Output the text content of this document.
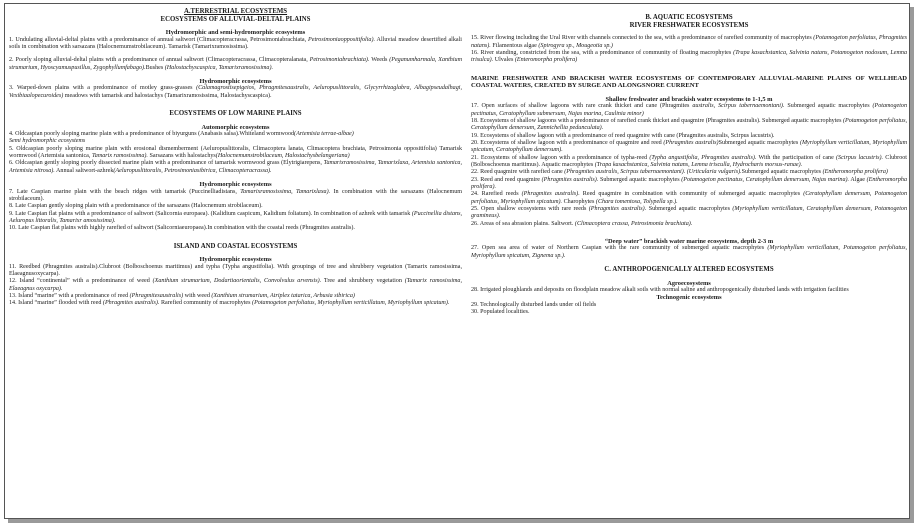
A.TERRESTRIAL ECOSYSTEMS
ECOSYSTEMS OF ALLUVIAL-DELTAL PLAINS
Hydromorphic and semi-hydromorphic ecosystems

1. Undulating alluvial-deltal plains with a predominance of annual saltwort (Climacopteracrassa, Petrosimoniabrachiata, Petrosimoniaoppositifolia). Alluvial meadow desertified alkali soils in combination with sarsazans (Halocnemumstrobilaceum). Tamarisk (Tamarixramosissima).

2. Poorly sloping alluvial-deltal plains with a predominance of annual saltwort (Climacopteracrassa, Climacopteralanata, Petrosimoniabrachiata). Weeds (Peganumharmala, Xanthium strumarium, Hyoscyamuspusillus, Zygophyllumfabago).Bushes (Halostachyscaspica, Tamarixramosissima).

Hydromorphic ecosystems

3. Warped-down plains with a predominance of motley grass-grasses (Calamagrostisepigeios, Phragmitesaustralis, Aeluropuslittoralis, Glycyrrhizaglabra, Albagipseudalhagi, Vexibiaalopecuroides) meadows with tamarisk and halostachys (Tamarixramosissima, Halostachyscaspica).

ECOSYSTEMS OF LOW MARINE PLAINS
Automorphic ecosystems

4. Oldcaspian poorly sloping marine plain with a predominance of biyurguns (Anabasis salsa).Whiteland wormwood(Artemisia terrae-albae)
Semi hydromorphic ecosystems

5. Oldcaspian poorly sloping marine plain with erosional dismemberment (Aeluropuslittoralis, Climacoptera lanata, Climacoptera brachiata, Petrosimonia oppositifolia) Tamarisk wormwood (Artemisia santonica, Tamarix ramosissima). Sarsazans with halostachys(Halocnemumstrobilaceum, Halostachysbelangeriana)

6. Oldcaspian gently sloping poorly dissected marine plain with a predominance of tamarisk wormwood grass (Elytrigiarepens, Tamarixramosissima, Tamarixlaxa, Artemisia santonica, Artemisia nitrosa). Annual saltwort-azhrek(Aeluropuslittoralis, Petrosimoniasibirica, Climacopteracrassa).

Hydromorphic ecosystems

7. Late Caspian marine plain with the beach ridges with tamarisk (Puccinelliadistans, Tamarixramosissima, Tamarixlaxa). In combination with the sarsazans (Halocnemum strobilaceum).

8. Late Caspian gently sloping plain with a predominance of the sarsazans (Halocnemum strobilaceum).

9. Late Caspian flat plains with a predominance of saltwort (Salicornia europaea). (Kalidium caspicum, Kalidium foliatum). In combination of azhrek with tamarisk (Puccinellia distans, Aeluropus littoralis, Tamarixr amosissima).

10. Late Caspian flat plains with highly rarefied of saltwort (Salicorniaeuropaea).In combination with the coastal reeds (Phragmites australis).

ISLAND AND COASTAL ECOSYSTEMS
Hydromorphic ecosystems

11. Reedbed (Phragmites australis).Clubroot (Bolboschoenus maritimus) and typha (Typha angustifolia). With groupings of tree and shrubbery vegetation (Tamarix ramosissima, Elaeagnusoxycarpa).

12. Island “continental” with a predominance of weed (Xanthium strumarium, Dodartiaorientalis, Convolvulus arvensis). Tree and shrubbery vegetation (Tamarix ramosissima, Elaeagnus oxycarpa).

13. Island “marine” with a predominance of reed (Phragmitesaustralis) with weed (Xanthium strumarium, Atriplex tatarica, Arbusia sibirica)

14. Island “marine” flooded with reed (Phragmites australis). Rarefied community of macrophytes (Potamogeton perfoliatus, Myriophyllum verticillatum, Myriophyllum spicatum).

B. AQUATIC ECOSYSTEMS
RIVER FRESHWATER ECOSYSTEMS

15. River flowing including the Ural River with channels connected to the sea, with a predominance of rarefied community of macrophytes (Potamogeton perfoliatus, Phragmites natans). Filamentous algae (Spirogyra sp., Mougeotia sp.)

16. River standing, constricted from the sea, with a predominance of community of floating macrophytes (Trapa kasachstanica, Salvinia natans, Potamogeton nodosum, Lemna trisulca). Ulvales (Enteromorpha prolifera)

MARINE FRESHWATER AND BRACKISH WATER ECOSYSTEMS OF CONTEMPORARY ALLUVIAL-MARINE PLAINS OF WELLHEAD COASTAL WATERS, CREATED BY SURGE AND ALONGSNORE CURRENT
Shallow freshwater and brackish water ecosystems to 1-1,5 m

17. Open surfaces of shallow lagoons with rare crank thicket and cane (Phragmites australis, Scirpus tabernaemontani). Submerged aquatic macrophytes (Potamogeton pectinatus, Ceratophyllum submersum, Najas marina, Caulinia minor)

18. Ecosystems of shallow lagoons with a predominance of rarefied crank thicket and quagmire (Phragmites australis). Submerged aquatic macrophytes (Potamogeton perfoliatus, Ceratophyllum demersum, Zannichellia pedunculata).

19. Ecosystems of shallow lagoon with a predominance of reed quagmire with cane (Phragmites australis, Scirpus lacustris).

20. Ecosystems of shallow lagoon with a predominance of quagmire and reed (Phragmites australis)Submerged aquatic macrophytes (Myriophyllum verticillatum, Myriophyllum spicatum, Ceratophyllum demersum).

21. Ecosystems of shallow lagoon with a predominance of typha-reed (Typha angustifolia, Phragmites australis). With the participation of cane (Scirpus lacustris). Clubroot (Bolboschoenus maritimus). Aquatic macrophytes (Trapa kasachstanica, Salvinia natans, Lemna trisculla, Hydrocharis morsus-ranae).

22. Reed quagmire with rarefied cane (Phragmites australis, Scirpus tabernaemontani). (Urticularia vulgaris).Submerged aquatic macrophytes (Entheromorpha prolifera)

23. Reed and reed quagmire (Phragmites australis). Submerged aquatic macrophytes (Potamogeton pectinatus, Ceratophyllum demersum, Najas marina). Algae (Entheromorpha prolifera).

24. Rarefied reeds (Phragmites australis). Reed quagmire in combination with community of submerged aquatic macrophytes (Ceratophyllum demersum, Potamogeton perfoliatus, Myriophyllum spicatum). Charophytes (Chara tomentosa, Tolypella sp.).

25. Open shallow ecosystems with rare reeds (Phragmites australis). Submerged aquatic macrophytes (Myriophyllum verticillatum, Ceratophyllum demersum, Potamogeton gramineus).

26. Areas of sea abrasion plains. Saltwort. (Climacoptera crassa, Petrosimonia brachiata).

“Deep water” brackish water marine ecosystems, depth 2-3 m

27. Open sea area of water of Northern Caspian with the rare community of submerged aquatic macrophytes (Myriophyllum verticillatum, Potamogeton perfoliatus, Myriophyllum spicatum, Zignema sp.).

C. ANTHROPOGENICALLY ALTERED ECOSYSTEMS
Agroecosystems

28. Irrigated ploughlands and deposits on floodplain meadow alkali soils with normal saline and anthropogenically disturbed lands with irrigation facilities

Technogenic ecosystems

29. Technologically disturbed lands under oil fields

30. Populated localities.
